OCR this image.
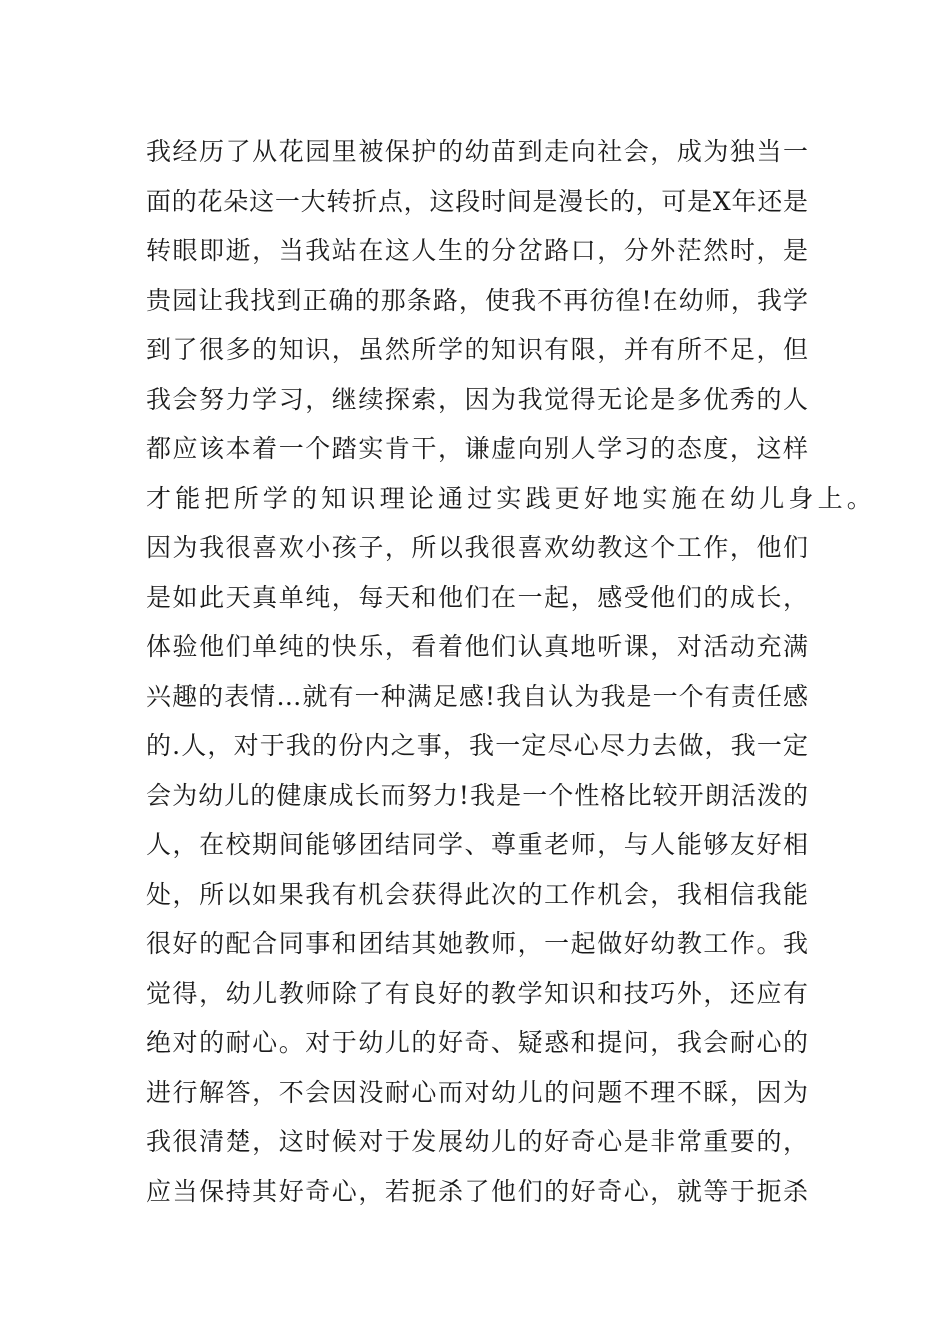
我经历了从花园里被保护的幼苗到走向社会，成为独当一
面的花朵这一大转折点，这段时间是漫长的，可是X年还是
转眼即逝，当我站在这人生的分岔路口，分外茫然时，是
贵园让我找到正确的那条路，使我不再彷徨!在幼师，我学
到了很多的知识，虽然所学的知识有限，并有所不足，但
我会努力学习，继续探索，因为我觉得无论是多优秀的人
都应该本着一个踏实肯干，谦虚向别人学习的态度，这样
才能把所学的知识理论通过实践更好地实施在幼儿身上。
因为我很喜欢小孩子，所以我很喜欢幼教这个工作，他们
是如此天真单纯，每天和他们在一起，感受他们的成长，
体验他们单纯的快乐，看着他们认真地听课，对活动充满
兴趣的表情…就有一种满足感!我自认为我是一个有责任感
的.人，对于我的份内之事，我一定尽心尽力去做，我一定
会为幼儿的健康成长而努力!我是一个性格比较开朗活泼的
人，在校期间能够团结同学、尊重老师，与人能够友好相
处，所以如果我有机会获得此次的工作机会，我相信我能
很好的配合同事和团结其她教师，一起做好幼教工作。我
觉得，幼儿教师除了有良好的教学知识和技巧外，还应有
绝对的耐心。对于幼儿的好奇、疑惑和提问，我会耐心的
进行解答，不会因没耐心而对幼儿的问题不理不睬，因为
我很清楚，这时候对于发展幼儿的好奇心是非常重要的，
应当保持其好奇心，若扼杀了他们的好奇心，就等于扼杀
